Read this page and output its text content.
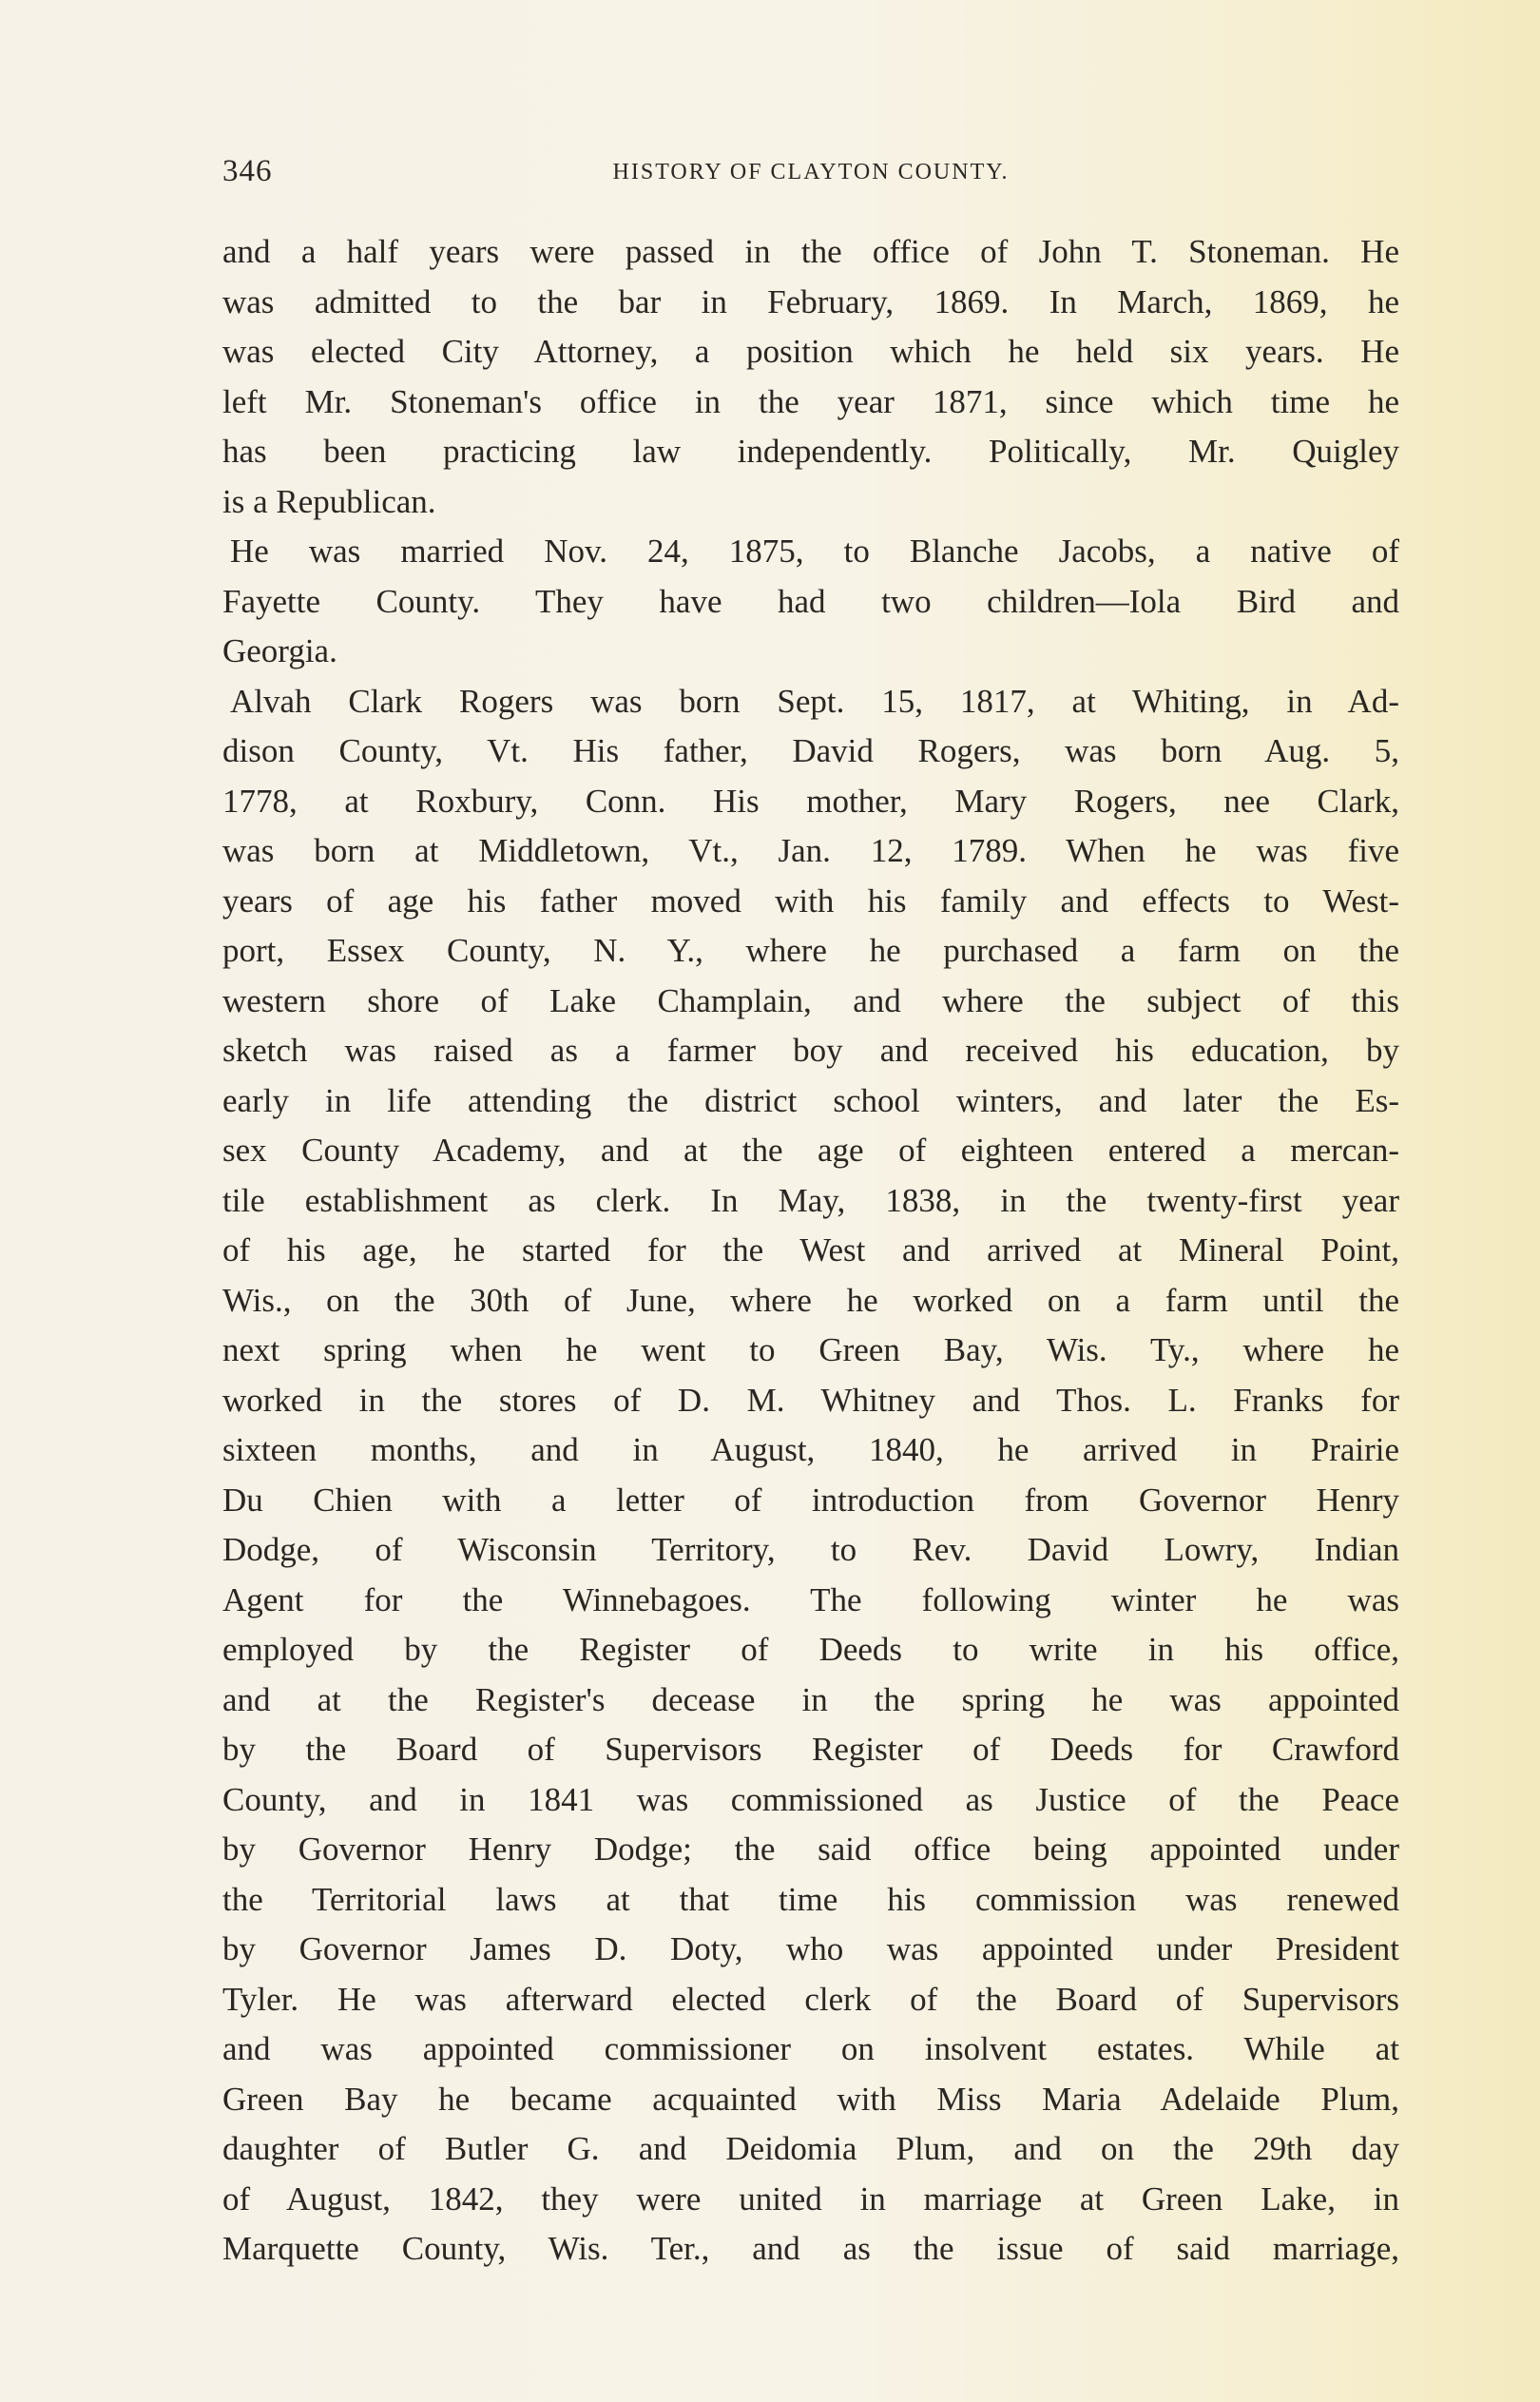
346	HISTORY OF CLAYTON COUNTY.
and a half years were passed in the office of John T. Stoneman. He
was admitted to the bar in February, 1869. In March, 1869, he
was elected City Attorney, a position which he held six years. He
left Mr. Stoneman's office in the year 1871, since which time he
has been practicing law independently. Politically, Mr. Quigley
is a Republican.
He was married Nov. 24, 1875, to Blanche Jacobs, a native of
Fayette County. They have had two children—Iola Bird and
Georgia.
Alvah Clark Rogers was born Sept. 15, 1817, at Whiting, in Ad-
dison County, Vt. His father, David Rogers, was born Aug. 5,
1778, at Roxbury, Conn. His mother, Mary Rogers, nee Clark,
was born at Middletown, Vt., Jan. 12, 1789. When he was five
years of age his father moved with his family and effects to West-
port, Essex County, N. Y., where he purchased a farm on the
western shore of Lake Champlain, and where the subject of this
sketch was raised as a farmer boy and received his education, by
early in life attending the district school winters, and later the Es-
sex County Academy, and at the age of eighteen entered a mercan-
tile establishment as clerk. In May, 1838, in the twenty-first year
of his age, he started for the West and arrived at Mineral Point,
Wis., on the 30th of June, where he worked on a farm until the
next spring when he went to Green Bay, Wis. Ty., where he
worked in the stores of D. M. Whitney and Thos. L. Franks for
sixteen months, and in August, 1840, he arrived in Prairie
Du Chien with a letter of introduction from Governor Henry
Dodge, of Wisconsin Territory, to Rev. David Lowry, Indian
Agent for the Winnebagoes. The following winter he was
employed by the Register of Deeds to write in his office,
and at the Register's decease in the spring he was appointed
by the Board of Supervisors Register of Deeds for Crawford
County, and in 1841 was commissioned as Justice of the Peace
by Governor Henry Dodge; the said office being appointed under
the Territorial laws at that time his commission was renewed
by Governor James D. Doty, who was appointed under President
Tyler. He was afterward elected clerk of the Board of Supervisors
and was appointed commissioner on insolvent estates. While at
Green Bay he became acquainted with Miss Maria Adelaide Plum,
daughter of Butler G. and Deidomia Plum, and on the 29th day
of August, 1842, they were united in marriage at Green Lake, in
Marquette County, Wis. Ter., and as the issue of said marriage,
